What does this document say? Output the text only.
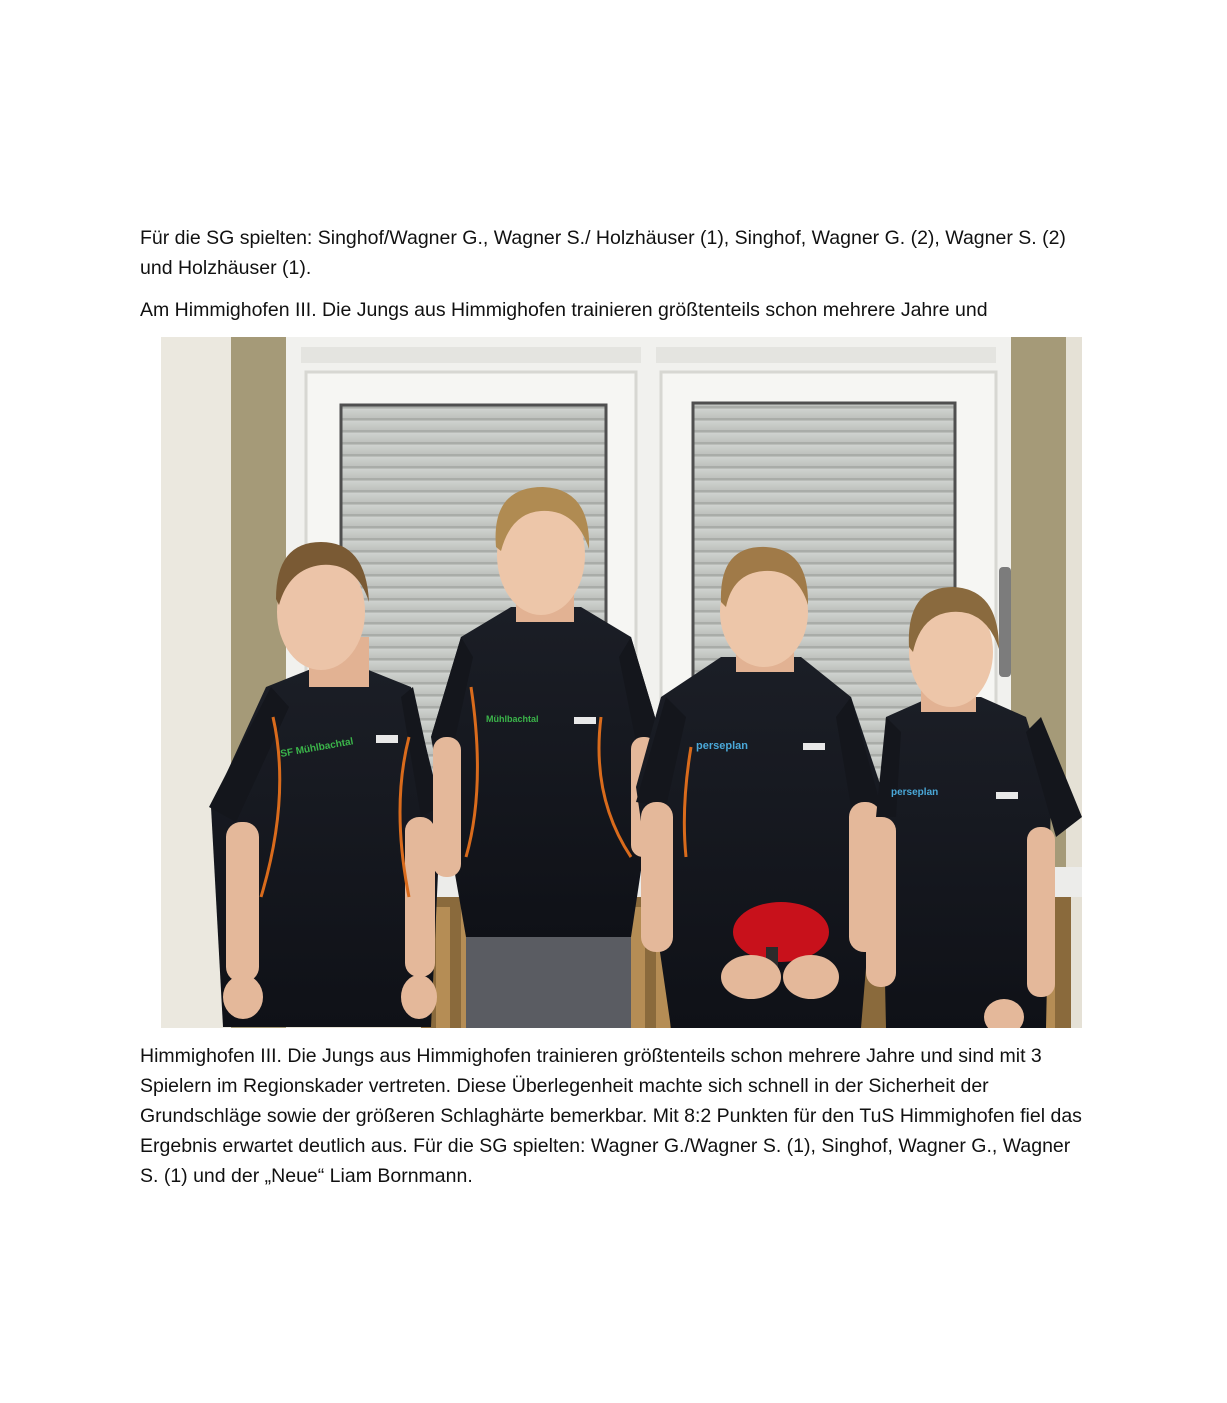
Für die SG spielten: Singhof/Wagner G., Wagner S./ Holzhäuser (1), Singhof, Wagner G. (2), Wagner S. (2) und Holzhäuser (1).

Am Himmighofen III. Die Jungs aus Himmighofen trainieren größtenteils schon mehrere Jahre und

SF Mühlbachtal
Mühlbachtal
perseplan
perseplan

Himmighofen III. Die Jungs aus Himmighofen trainieren größtenteils schon mehrere Jahre und sind mit 3 Spielern im Regionskader vertreten. Diese Überlegenheit machte sich schnell in der Sicherheit der Grundschläge sowie der größeren Schlaghärte bemerkbar. Mit 8:2 Punkten für den TuS Himmighofen fiel das Ergebnis erwartet deutlich aus. Für die SG spielten: Wagner G./Wagner S. (1), Singhof, Wagner G., Wagner S. (1) und der „Neue“ Liam Bornmann.
